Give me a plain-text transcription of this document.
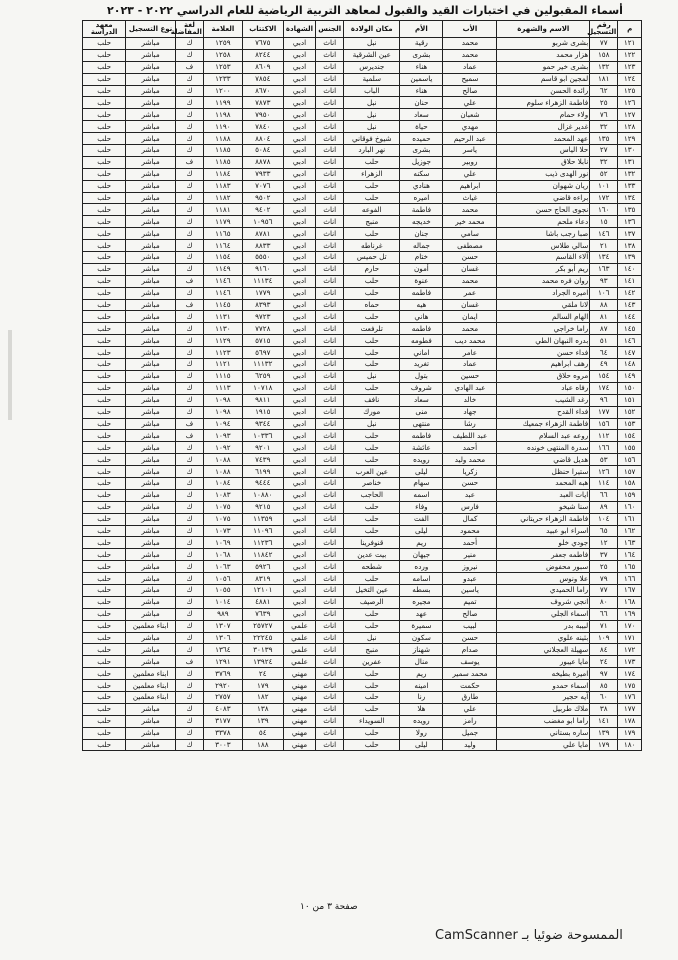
أسماء المقبولين في اختبارات القيد والقبول لمعاهد التربية الرياضية للعام الدراسي ٢٠٢٢ - ٢٠٢٣
م	رقم التسجيل	الاسم والشهرة	الأب	الأم	مكان الولادة	الجنس	الشهادة	الاكتتاب	العلامة	لغة المفاضلة	نوع التسجيل	معهد الدراسة
١٢١	٧٧	بشرى شربو	محمد	رقية	نبل	اناث	ادبي	٧٦٧٥	١٢٥٩	ك	مباشر	حلب
١٢٢	١٥٨	هزار محمد	محمد	بشرى	عين الشرقية	اناث	ادبي	٨٢٤٤	١٢٥٨	ك	مباشر	حلب
١٢٣	١٣٢	بشرى خير حمو	عماد	هناء	جنديرس	اناث	ادبي	٨٦٠٩	١٢٥٣	ف	مباشر	حلب
١٢٤	١٨١	لمجين ابو قاسم	سميح	ياسمين	سلمية	اناث	ادبي	٧٨٥٤	١٢٣٣	ك	مباشر	حلب
١٢٥	٦٢	رائدة الحسن	صالح	هناء	الباب	اناث	ادبي	٨٦٧٠	١٢٠٠	ك	مباشر	حلب
١٢٦	٢٥	فاطمة الزهراء سلوم	علي	حنان	نبل	اناث	ادبي	٧٨٧٣	١١٩٩	ك	مباشر	حلب
١٢٧	٧٦	ولاء حمام	شعبان	سعاد	نبل	اناث	ادبي	٧٩٥٠	١١٩٨	ك	مباشر	حلب
١٢٨	٣٢	غدير غزال	مهدي	حياة	نبل	اناث	ادبي	٧٨٤٠	١١٩٠	ك	مباشر	حلب
١٢٩	١٣٥	عهد المحمد	عبد الرحيم	حميده	شيوخ فوقاني	اناث	ادبي	٨٨٠٤	١١٨٨	ك	مباشر	حلب
١٣٠	٢٧	حلا الياس	ياسر	بشرى	نهر البارد	اناث	ادبي	٥٠٨٤	١١٨٥	ك	مباشر	حلب
١٣١	٣٢	نابلا حلاق	روبير	جوزيل	حلب	اناث	ادبي	٨٨٧٨	١١٨٥	ف	مباشر	حلب
١٣٢	٥٢	نور الهدى ذيب	علي	سكنه	الزهراء	اناث	ادبي	٧٩٣٣	١١٨٤	ك	مباشر	حلب
١٣٣	١٠١	ريان شهوان	ابراهيم	هنادي	حلب	اناث	ادبي	٧٠٧٦	١١٨٣	ك	مباشر	حلب
١٣٤	١٧٢	براءه قاضي	غياث	اميره	حلب	اناث	ادبي	٩٥٠٢	١١٨٢	ك	مباشر	حلب
١٣٥	١٦٠	نجوى الحاج حسن	محمد	فاطمة	الفوعه	اناث	ادبي	٩٤٠٢	١١٨١	ك	مباشر	حلب
١٣٦	١٥	دعاء ملحم	محمد خير	خديجه	منبج	اناث	ادبي	١٠٩٥٦	١١٧٩	ك	مباشر	حلب
١٣٧	١٤٦	صبا رجب باشا	سامي	جنان	حلب	اناث	ادبي	٨٧٨١	١١٦٥	ك	مباشر	حلب
١٣٨	٢١	سالي طلاس	مصطفى	جماله	غرناطه	اناث	ادبي	٨٨٣٣	١١٦٤	ك	مباشر	حلب
١٣٩	١٣٤	آلاء القاسم	حسن	ختام	تل حميس	اناث	ادبي	٥٥٥٠	١١٥٤	ك	مباشر	حلب
١٤٠	١٦٣	ريم أبو بكر	غسان	أمون	حارم	اناث	ادبي	٩١٦٠	١١٤٩	ك	مباشر	حلب
١٤١	٩٣	روان فره محمد	محمد	عنوة	حلب	اناث	ادبي	١١١٣٤	١١٤٦	ف	مباشر	حلب
١٤٢	١٠٦	اميره الجراد	عمر	فاطمه	حلب	اناث	ادبي	١٧٧٩	١١٤٦	ك	مباشر	حلب
١٤٣	٨٨	لانا ملقي	غسان	هيه	حماه	اناث	ادبي	٨٣٩٣	١١٤٥	ف	مباشر	حلب
١٤٤	٨١	الهام السالم	ايمان	هاني	حلب	اناث	ادبي	٩٧٢٣	١١٣١	ك	مباشر	حلب
١٤٥	٨٧	راما خراجي	محمد	فاطمه	تلرفعت	اناث	ادبي	٧٧٢٨	١١٣٠	ك	مباشر	حلب
١٤٦	٥١	بدره النبهان الطي	محمد ديب	فطومه	حلب	اناث	ادبي	٥٧١٥	١١٢٩	ك	مباشر	حلب
١٤٧	٦٤	فداء حسن	عامر	اماني	حلب	اناث	ادبي	٥٦٩٧	١١٢٣	ك	مباشر	حلب
١٤٨	٤٩	رهف ابراهيم	عماد	تغريد	حلب	اناث	ادبي	١١١٣٢	١١٢١	ك	مباشر	حلب
١٤٩	١٥٤	مروه حلاق	حسين	بتول	نبل	اناث	ادبي	٦٢٥٩	١١١٥	ك	مباشر	حلب
١٥٠	١٧٤	رفاه عباد	عبد الهادي	شروف	حلب	اناث	ادبي	١٠٧١٨	١١١٣	ك	مباشر	حلب
١٥١	٩٦	رغد الشيب	خالد	سعاد	نافف	اناث	ادبي	٩٨١١	١٠٩٨	ك	مباشر	حلب
١٥٢	١٧٧	فداء القدح	جهاد	منى	مورك	اناث	ادبي	١٩١٥	١٠٩٨	ك	مباشر	حلب
١٥٣	١٥٦	فاطمة الزهراء جمعيك	رشا	منتهى	نبل	اناث	ادبي	٩٣٤٤	١٠٩٤	ف	مباشر	حلب
١٥٤	١١٢	روعه عبد السلام	عبد اللطيف	فاطمه	حلب	اناث	ادبي	١٠٣٣٦	١٠٩٣	ف	مباشر	حلب
١٥٥	١٦٦	سدرة المنتهى خونده	أحمد	عائشة	حلب	اناث	ادبي	٩٢٠١	١٠٩٢	ك	مباشر	حلب
١٥٦	٥٣	هديل قاضي	محمد وليد	رويده	حلب	اناث	ادبي	٧٤٣٩	١٠٨٨	ك	مباشر	حلب
١٥٧	١٢٦	ستيرا حنظل	زكريا	ليلى	عين العرب	اناث	ادبي	٦١٩٩	١٠٨٨	ك	مباشر	حلب
١٥٨	١١٤	هبه المحمد	حسن	سهام	خناصر	اناث	ادبي	٩٤٤٤	١٠٨٤	ك	مباشر	حلب
١٥٩	٦٦	ايات العبد	عبد	اسمه	الحاجب	اناث	ادبي	١٠٨٨٠	١٠٨٣	ك	مباشر	حلب
١٦٠	٨٩	سنا شيخو	فارس	وفاء	حلب	اناث	ادبي	٩٢١٥	١٠٧٥	ك	مباشر	حلب
١٦١	١٠٤	فاطمة الزهراء حريتاني	كمال	الفت	حلب	اناث	ادبي	١١٣٥٩	١٠٧٥	ك	مباشر	حلب
١٦٢	٦٥	اسراء ابو عبيد	محمود	ليلى	حلب	اناث	ادبي	١١٠٩٦	١٠٧٣	ك	مباشر	حلب
١٦٣	١٢	جودي خلو	أحمد	ريم	قنوفرينا	اناث	ادبي	١١٢٣٦	١٠٦٩	ك	مباشر	حلب
١٦٤	٣٧	فاطمه جعفر	منير	جيهان	بيت عدين	اناث	ادبي	١١٨٤٢	١٠٦٨	ك	مباشر	حلب
١٦٥	٢٥	سبور محفوض	نيروز	ورده	شطحه	اناث	ادبي	٥٩٢٦	١٠٦٣	ك	مباشر	حلب
١٦٦	٧٩	علا ونوس	عبدو	اسامه	حلب	اناث	ادبي	٨٣١٩	١٠٥٦	ك	مباشر	حلب
١٦٧	٧٧	راما الحميدي	ياسين	بسطه	عين التخيل	اناث	ادبي	١٢١٠١	١٠٥٥	ك	مباشر	حلب
١٦٨	٨٠	انجي شروف	تميم	مجيره	الرصيف	اناث	ادبي	٤٨٨١	١٠١٤	ك	مباشر	حلب
١٦٩	٦٦	اسماء الجلي	صالح	عهد	حلب	اناث	ادبي	٧٦٣٩	٩٨٩	ك	مباشر	حلب
١٧٠	٧١	لبيبه بدر	لبيب	سميرة	حلب	اناث	علمي	٢٥٧٢٧	١٣٠٧	ك	ابناء معلمين	حلب
١٧١	١٠٩	بثينه علوي	حسن	سكون	نبل	اناث	علمي	٢٢٢٤٥	١٣٠٦	ك	مباشر	حلب
١٧٢	٨٤	سهيلة العجلاني	صدام	شهناز	منبج	اناث	علمي	٣٠١٣٩	١٣٦٤	ك	مباشر	حلب
١٧٣	٢٤	مايا عيبور	يوسف	منال	عفرين	اناث	علمي	١٣٩٢٤	١٢٩١	ف	مباشر	حلب
١٧٤	٩٧	اميرة بطيخه	محمد سمير	ريم	حلب	اناث	مهني	٢٤	٣٧٦٩	ك	ابناء معلمين	حلب
١٧٥	٨٥	اسماء حمدو	حكمت	امينه	حلب	اناث	مهني	١٧٩	٢٩٢٠	ك	ابناء معلمين	حلب
١٧٦	٦٠	آيه حجير	طارق	رنا	حلب	اناث	مهني	١٨٢	٢٧٥٧	ك	ابناء معلمين	حلب
١٧٧	٣٨	ملاك طربيل	علي	هلا	حلب	اناث	مهني	١٣٨	٤٠٨٣	ك	مباشر	حلب
١٧٨	١٤١	راما ابو مغضب	رامز	رويده	السويداء	اناث	مهني	١٣٩	٣١٧٧	ك	مباشر	حلب
١٧٩	١٣٩	ساره بستاني	جميل	رولا	حلب	اناث	مهني	٥٤	٣٣٧٨	ك	مباشر	حلب
١٨٠	١٧٩	مايا علي	وليد	ليلى	حلب	اناث	مهني	١٨٨	٣٠٠٣	ك	مباشر	حلب
صفحة ٣ من ١٠
الممسوحة ضوئيا بـ CamScanner
